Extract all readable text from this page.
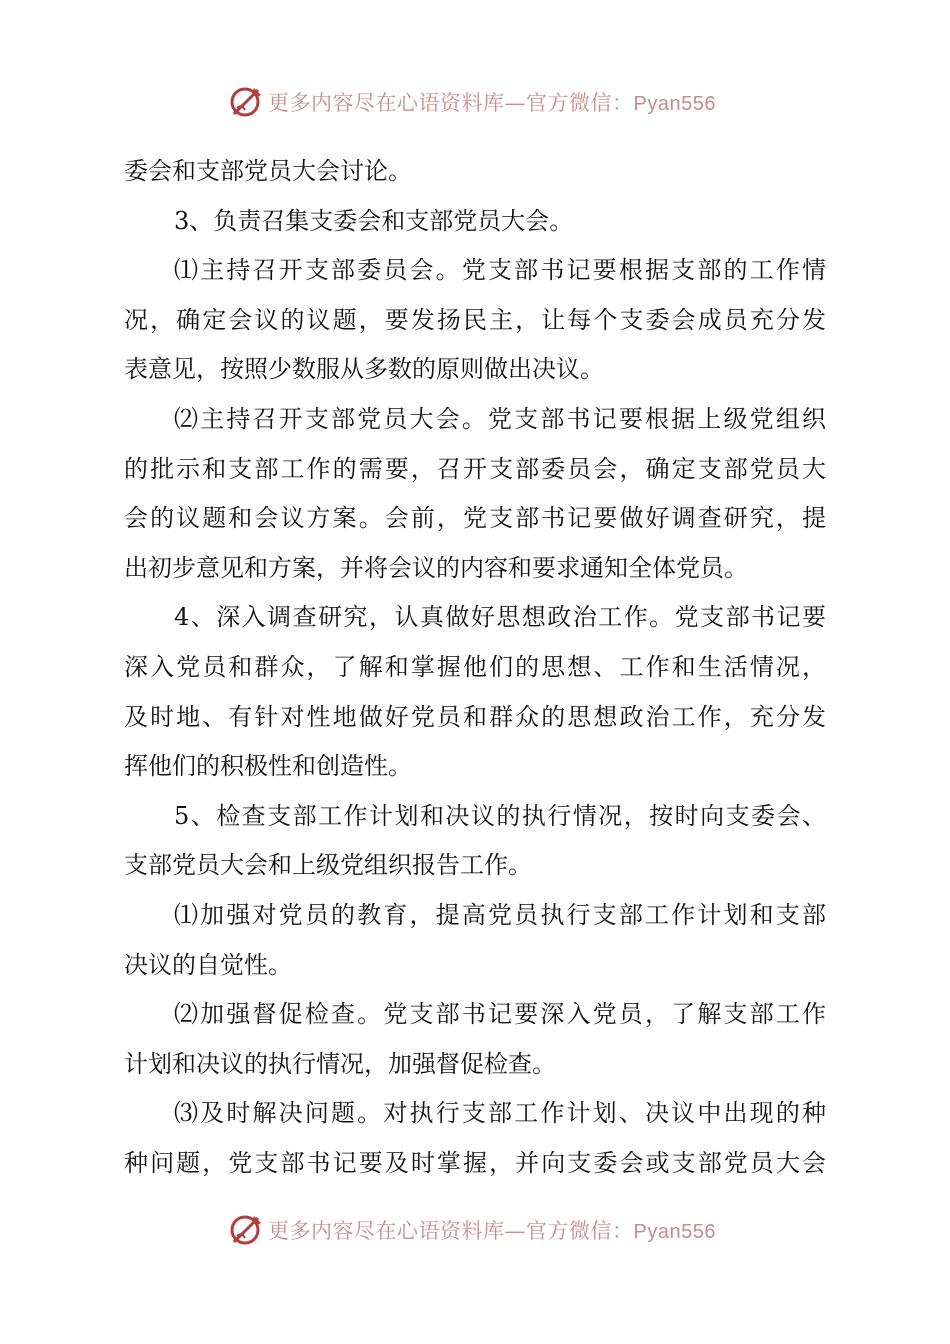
更多内容尽在心语资料库—官方微信：Pyan556
委会和支部党员大会讨论。
3、负责召集支委会和支部党员大会。
⑴主持召开支部委员会。党支部书记要根据支部的工作情
况，确定会议的议题，要发扬民主，让每个支委会成员充分发
表意见，按照少数服从多数的原则做出决议。
⑵主持召开支部党员大会。党支部书记要根据上级党组织
的批示和支部工作的需要，召开支部委员会，确定支部党员大
会的议题和会议方案。会前，党支部书记要做好调查研究，提
出初步意见和方案，并将会议的内容和要求通知全体党员。
4、深入调查研究，认真做好思想政治工作。党支部书记要
深入党员和群众，了解和掌握他们的思想、工作和生活情况，
及时地、有针对性地做好党员和群众的思想政治工作，充分发
挥他们的积极性和创造性。
5、检查支部工作计划和决议的执行情况，按时向支委会、
支部党员大会和上级党组织报告工作。
⑴加强对党员的教育，提高党员执行支部工作计划和支部
决议的自觉性。
⑵加强督促检查。党支部书记要深入党员，了解支部工作
计划和决议的执行情况，加强督促检查。
⑶及时解决问题。对执行支部工作计划、决议中出现的种
种问题，党支部书记要及时掌握，并向支委会或支部党员大会
更多内容尽在心语资料库—官方微信：Pyan556
